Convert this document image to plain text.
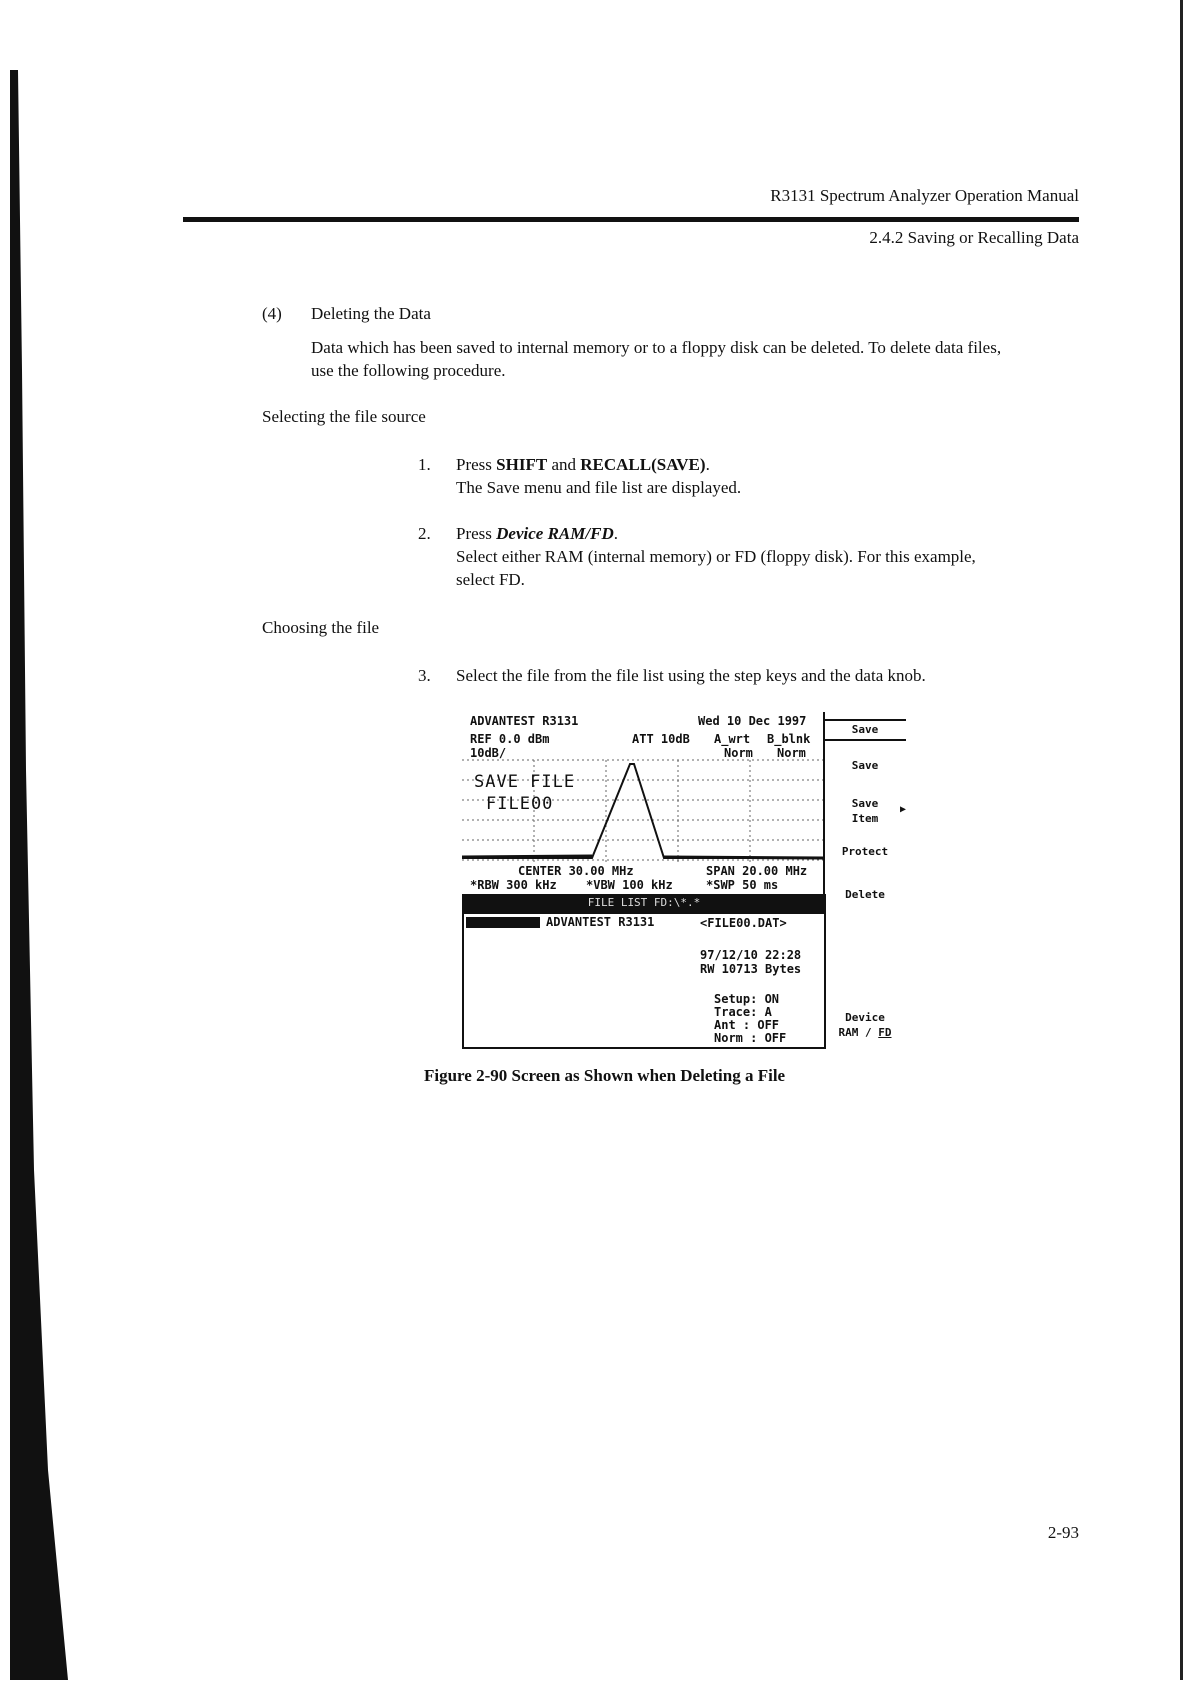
R3131 Spectrum Analyzer Operation Manual
2.4.2 Saving or Recalling Data
(4) Deleting the Data
Data which has been saved to internal memory or to a floppy disk can be deleted. To delete data files,
use the following procedure.
Selecting the file source
1. Press SHIFT and RECALL(SAVE).
The Save menu and file list are displayed.
2. Press Device RAM/FD.
Select either RAM (internal memory) or FD (floppy disk). For this example,
select FD.
Choosing the file
3. Select the file from the file list using the step keys and the data knob.
ADVANTEST R3131	Wed 10 Dec 1997
REF 0.0 dBm	ATT 10dB A_wrt B_blnk
10dB/	Norm Norm
SAVE FILE
FILE00
CENTER 30.00 MHz	SPAN 20.00 MHz
*RBW 300 kHz *VBW 100 kHz	*SWP 50 ms
FILE LIST FD:\*.*
ADVANTEST R3131	<FILE00.DAT>
97/12/10 22:28
RW 10713 Bytes
Setup: ON
Trace: A
Ant : OFF
Norm : OFF
Save
Save
Save
Item
▶
Protect
Delete
Device
RAM / FD
Figure 2-90 Screen as Shown when Deleting a File
2-93
